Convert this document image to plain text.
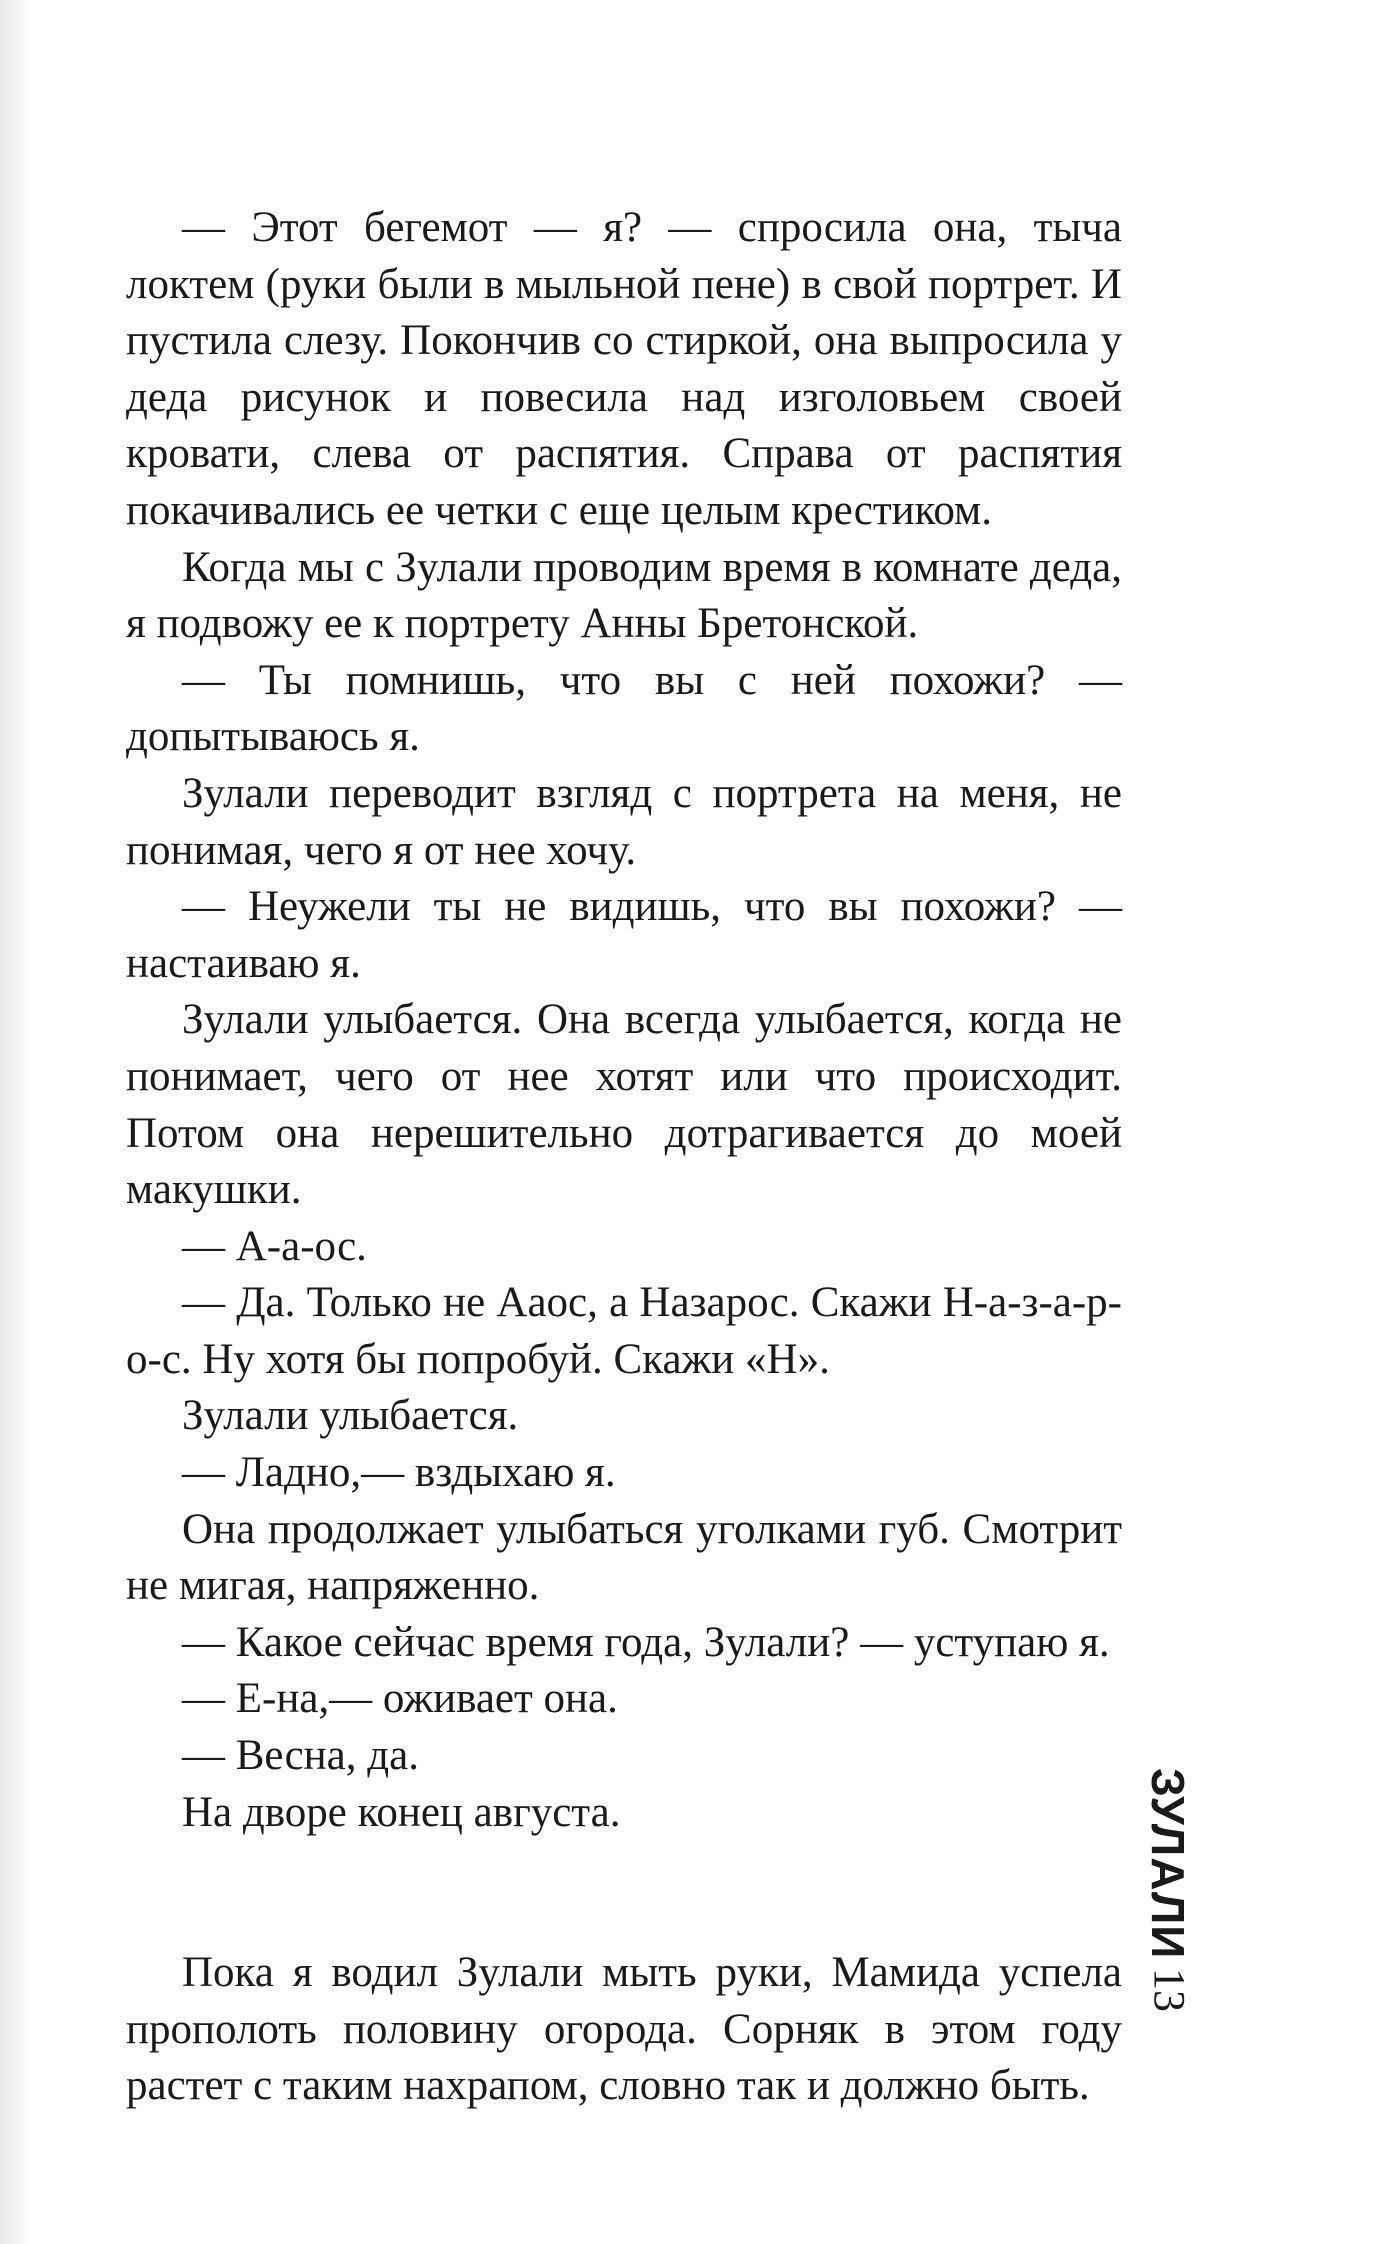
— Этот бегемот — я? — спросила она, тыча локтем (руки были в мыльной пене) в свой портрет. И пустила слезу. Покончив со стиркой, она выпросила у деда рисунок и повесила над изголовьем своей кровати, слева от распятия. Справа от распятия покачивались ее четки с еще целым крестиком.

Когда мы с Зулали проводим время в комнате деда, я подвожу ее к портрету Анны Бретонской.

— Ты помнишь, что вы с ней похожи? — допытываюсь я.

Зулали переводит взгляд с портрета на меня, не понимая, чего я от нее хочу.

— Неужели ты не видишь, что вы похожи? — настаиваю я.

Зулали улыбается. Она всегда улыбается, когда не понимает, чего от нее хотят или что происходит. Потом она нерешительно дотрагивается до моей макушки.

— А-а-ос.

— Да. Только не Аaoc, а Назарос. Скажи Н-а-з-а-р-о-с. Ну хотя бы попробуй. Скажи «Н».

Зулали улыбается.

— Ладно,— вздыхаю я.

Она продолжает улыбаться уголками губ. Смотрит не мигая, напряженно.

— Какое сейчас время года, Зулали? — уступаю я.

— Е-на,— оживает она.

— Весна, да.

На дворе конец августа.

Пока я водил Зулали мыть руки, Мамида успела прополоть половину огорода. Сорняк в этом году растет с таким нахрапом, словно так и должно быть.

ЗУЛАЛИ
13
